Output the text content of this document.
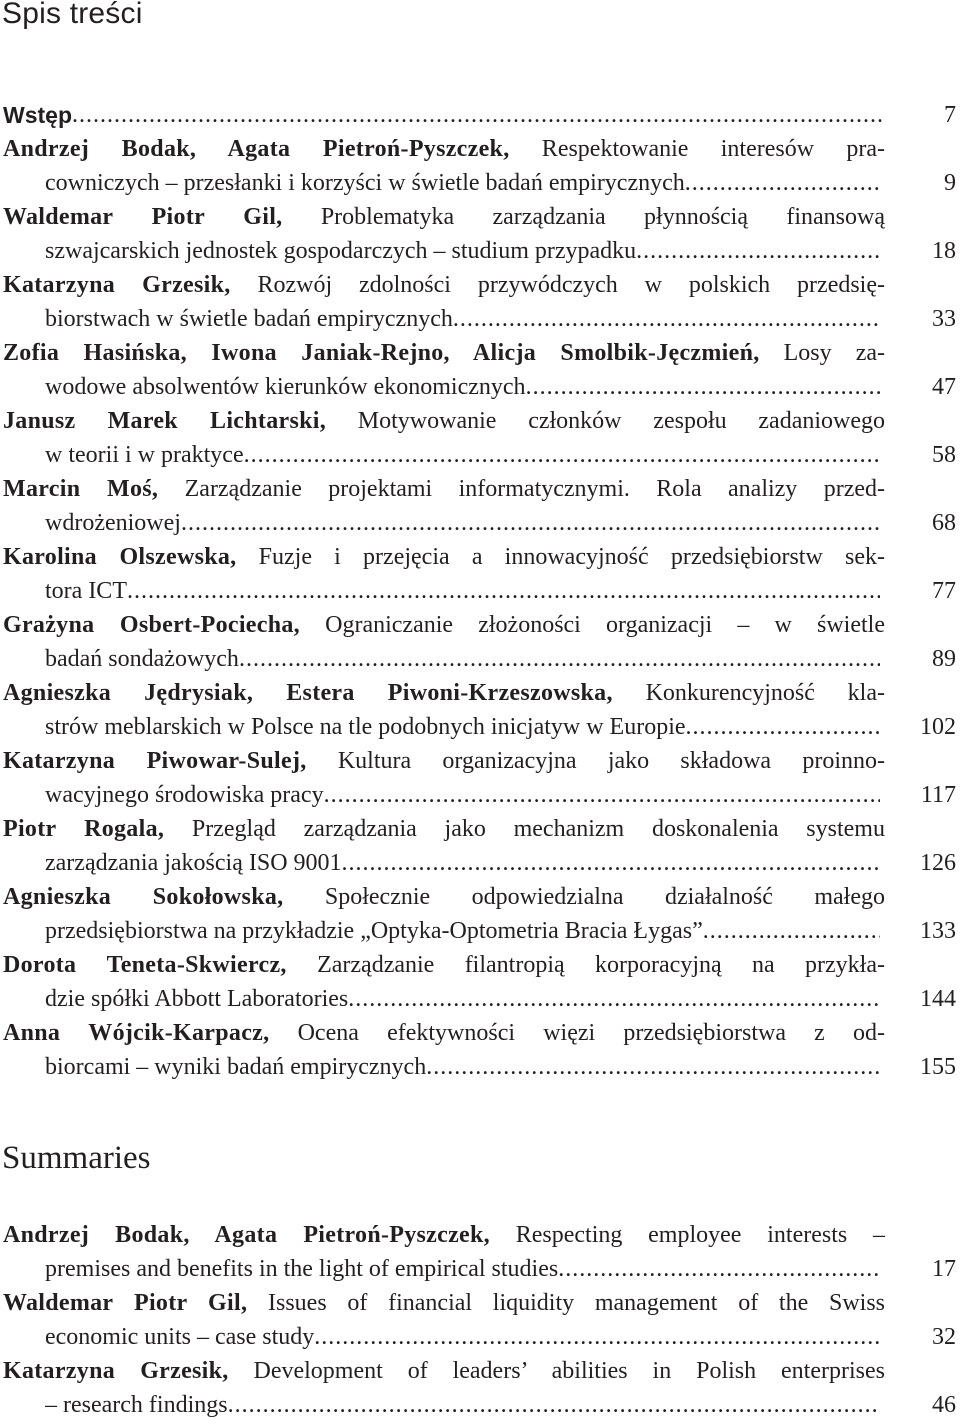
Spis treści
Wstęp .....	7
Andrzej Bodak, Agata Pietroń-Pyszczek, Respektowanie interesów pra-
cowniczych – przesłanki i korzyści w świetle badań empirycznych .....	9
Waldemar Piotr Gil, Problematyka zarządzania płynnością finansową
szwajcarskich jednostek gospodarczych – studium przypadku .....	18
Katarzyna Grzesik, Rozwój zdolności przywódczych w polskich przedsię-
biorstwach w świetle badań empirycznych .....	33
Zofia Hasińska, Iwona Janiak-Rejno, Alicja Smolbik-Jęczmień, Losy za-
wodowe absolwentów kierunków ekonomicznych .....	47
Janusz Marek Lichtarski, Motywowanie członków zespołu zadaniowego
w teorii i w praktyce .....	58
Marcin Moś, Zarządzanie projektami informatycznymi. Rola analizy przed-
wdrożeniowej .....	68
Karolina Olszewska, Fuzje i przejęcia a innowacyjność przedsiębiorstw sek-
tora ICT .....	77
Grażyna Osbert-Pociecha, Ograniczanie złożoności organizacji – w świetle
badań sondażowych .....	89
Agnieszka Jędrysiak, Estera Piwoni-Krzeszowska, Konkurencyjność kla-
strów meblarskich w Polsce na tle podobnych inicjatyw w Europie .....	102
Katarzyna Piwowar-Sulej, Kultura organizacyjna jako składowa proinno-
wacyjnego środowiska pracy .....	117
Piotr Rogala, Przegląd zarządzania jako mechanizm doskonalenia systemu
zarządzania jakością ISO 9001 .....	126
Agnieszka Sokołowska, Społecznie odpowiedzialna działalność małego
przedsiębiorstwa na przykładzie „Optyka-Optometria Bracia Łygas” .....	133
Dorota Teneta-Skwiercz, Zarządzanie filantropią korporacyjną na przykła-
dzie spółki Abbott Laboratories .....	144
Anna Wójcik-Karpacz, Ocena efektywności więzi przedsiębiorstwa z od-
biorcami – wyniki badań empirycznych .....	155
Summaries
Andrzej Bodak, Agata Pietroń-Pyszczek, Respecting employee interests –
premises and benefits in the light of empirical studies .....	17
Waldemar Piotr Gil, Issues of financial liquidity management of the Swiss
economic units – case study .....	32
Katarzyna Grzesik, Development of leaders’ abilities in Polish enterprises
– research findings .....	46
